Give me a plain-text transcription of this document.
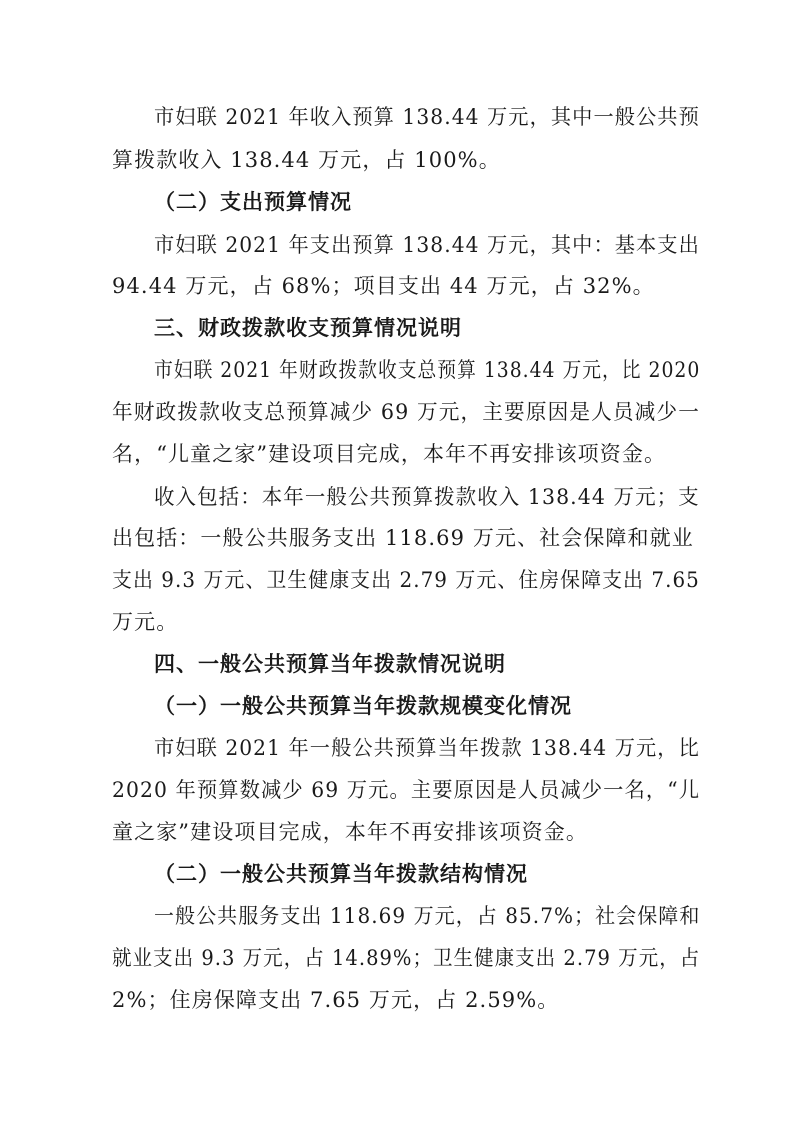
市妇联 2021 年收入预算 138.44 万元，其中一般公共预

算拨款收入 138.44 万元，占 100%。

（二）支出预算情况

市妇联 2021 年支出预算 138.44 万元，其中：基本支出

94.44 万元，占 68%；项目支出 44 万元，占 32%。

三、财政拨款收支预算情况说明

市妇联 2021 年财政拨款收支总预算 138.44 万元，比 2020

年财政拨款收支总预算减少 69 万元，主要原因是人员减少一

名，“儿童之家”建设项目完成，本年不再安排该项资金。

收入包括：本年一般公共预算拨款收入 138.44 万元；支

出包括：一般公共服务支出 118.69 万元、社会保障和就业

支出 9.3 万元、卫生健康支出 2.79 万元、住房保障支出 7.65

万元。

四、一般公共预算当年拨款情况说明

（一）一般公共预算当年拨款规模变化情况

市妇联 2021 年一般公共预算当年拨款 138.44 万元，比

2020 年预算数减少 69 万元。主要原因是人员减少一名，“儿

童之家”建设项目完成，本年不再安排该项资金。

（二）一般公共预算当年拨款结构情况

一般公共服务支出 118.69 万元，占 85.7%；社会保障和

就业支出 9.3 万元，占 14.89%；卫生健康支出 2.79 万元，占

2%；住房保障支出 7.65 万元，占 2.59%。
